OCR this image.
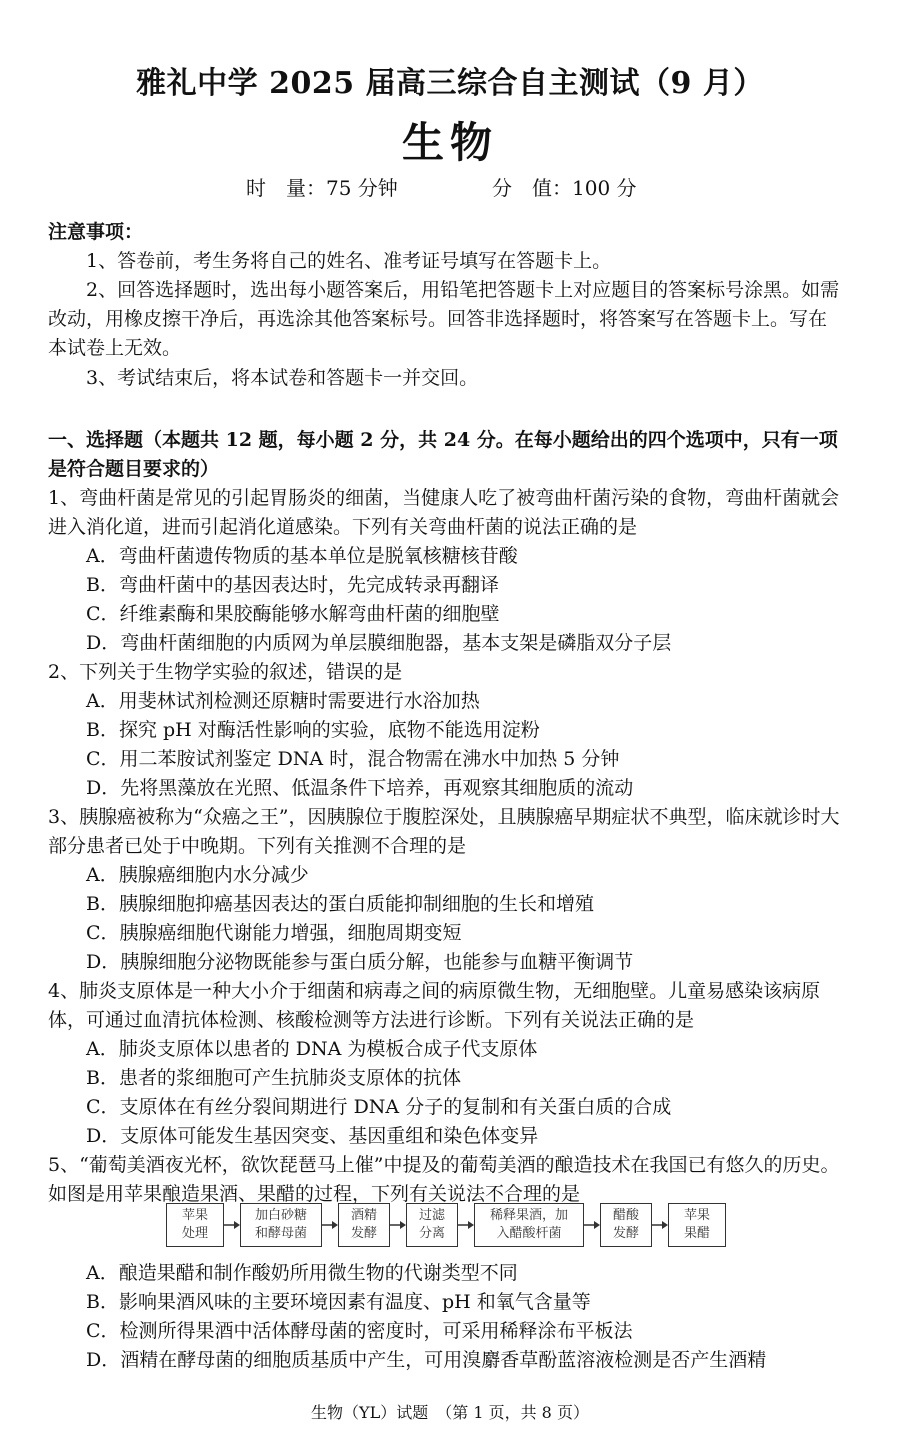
雅礼中学 2025 届高三综合自主测试（9 月）
生物
时　量：75 分钟	分　值：100 分
注意事项：

1、答卷前，考生务将自己的姓名、准考证号填写在答题卡上。

2、回答选择题时，选出每小题答案后，用铅笔把答题卡上对应题目的答案标号涂黑。如需改动，用橡皮擦干净后，再选涂其他答案标号。回答非选择题时，将答案写在答题卡上。写在本试卷上无效。

3、考试结束后，将本试卷和答题卡一并交回。

一、选择题（本题共 12 题，每小题 2 分，共 24 分。在每小题给出的四个选项中，只有一项是符合题目要求的）

1、弯曲杆菌是常见的引起胃肠炎的细菌，当健康人吃了被弯曲杆菌污染的食物，弯曲杆菌就会进入消化道，进而引起消化道感染。下列有关弯曲杆菌的说法正确的是

A．弯曲杆菌遗传物质的基本单位是脱氧核糖核苷酸
B．弯曲杆菌中的基因表达时，先完成转录再翻译
C．纤维素酶和果胶酶能够水解弯曲杆菌的细胞壁
D．弯曲杆菌细胞的内质网为单层膜细胞器，基本支架是磷脂双分子层

2、下列关于生物学实验的叙述，错误的是

A．用斐林试剂检测还原糖时需要进行水浴加热
B．探究 pH 对酶活性影响的实验，底物不能选用淀粉
C．用二苯胺试剂鉴定 DNA 时，混合物需在沸水中加热 5 分钟
D．先将黑藻放在光照、低温条件下培养，再观察其细胞质的流动

3、胰腺癌被称为“众癌之王”，因胰腺位于腹腔深处，且胰腺癌早期症状不典型，临床就诊时大部分患者已处于中晚期。下列有关推测不合理的是

A．胰腺癌细胞内水分减少
B．胰腺细胞抑癌基因表达的蛋白质能抑制细胞的生长和增殖
C．胰腺癌细胞代谢能力增强，细胞周期变短
D．胰腺细胞分泌物既能参与蛋白质分解，也能参与血糖平衡调节

4、肺炎支原体是一种大小介于细菌和病毒之间的病原微生物，无细胞壁。儿童易感染该病原体，可通过血清抗体检测、核酸检测等方法进行诊断。下列有关说法正确的是

A．肺炎支原体以患者的 DNA 为模板合成子代支原体
B．患者的浆细胞可产生抗肺炎支原体的抗体
C．支原体在有丝分裂间期进行 DNA 分子的复制和有关蛋白质的合成
D．支原体可能发生基因突变、基因重组和染色体变异

5、“葡萄美酒夜光杯，欲饮琵琶马上催”中提及的葡萄美酒的酿造技术在我国已有悠久的历史。如图是用苹果酿造果酒、果醋的过程，下列有关说法不合理的是

苹果
处理
加白砂糖
和酵母菌
酒精
发酵
过滤
分离
稀释果酒，加
入醋酸杆菌
醋酸
发酵
苹果
果醋
A．酿造果醋和制作酸奶所用微生物的代谢类型不同
B．影响果酒风味的主要环境因素有温度、pH 和氧气含量等
C．检测所得果酒中活体酵母菌的密度时，可采用稀释涂布平板法
D．酒精在酵母菌的细胞质基质中产生，可用溴麝香草酚蓝溶液检测是否产生酒精
生物（YL）试题　（第 1 页，共 8 页）
